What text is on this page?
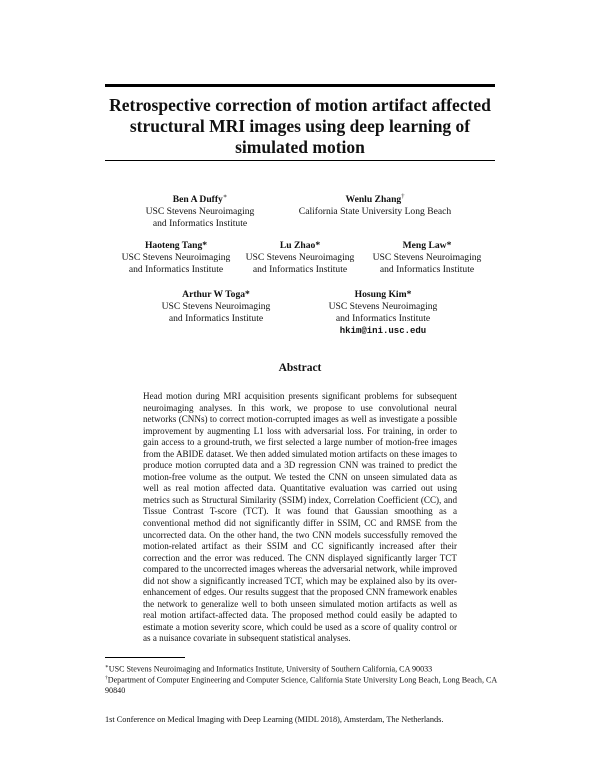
Retrospective correction of motion artifact affected structural MRI images using deep learning of simulated motion
Ben A Duffy∗
USC Stevens Neuroimaging
and Informatics Institute
Wenlu Zhang†
California State University Long Beach
Haoteng Tang*
USC Stevens Neuroimaging
and Informatics Institute
Lu Zhao*
USC Stevens Neuroimaging
and Informatics Institute
Meng Law*
USC Stevens Neuroimaging
and Informatics Institute
Arthur W Toga*
USC Stevens Neuroimaging
and Informatics Institute
Hosung Kim*
USC Stevens Neuroimaging
and Informatics Institute
hkim@ini.usc.edu
Abstract

Head motion during MRI acquisition presents significant problems for subsequent neuroimaging analyses. In this work, we propose to use convolutional neural networks (CNNs) to correct motion-corrupted images as well as investigate a possible improvement by augmenting L1 loss with adversarial loss. For training, in order to gain access to a ground-truth, we first selected a large number of motion-free images from the ABIDE dataset. We then added simulated motion artifacts on these images to produce motion corrupted data and a 3D regression CNN was trained to predict the motion-free volume as the output. We tested the CNN on unseen simulated data as well as real motion affected data. Quantitative evaluation was carried out using metrics such as Structural Similarity (SSIM) index, Correlation Coefficient (CC), and Tissue Contrast T-score (TCT). It was found that Gaussian smoothing as a conventional method did not significantly differ in SSIM, CC and RMSE from the uncorrected data. On the other hand, the two CNN models successfully removed the motion-related artifact as their SSIM and CC significantly increased after their correction and the error was reduced. The CNN displayed significantly larger TCT compared to the uncorrected images whereas the adversarial network, while improved did not show a significantly increased TCT, which may be explained also by its over-enhancement of edges. Our results suggest that the proposed CNN framework enables the network to generalize well to both unseen simulated motion artifacts as well as real motion artifact-affected data. The proposed method could easily be adapted to estimate a motion severity score, which could be used as a score of quality control or as a nuisance covariate in subsequent statistical analyses.

∗USC Stevens Neuroimaging and Informatics Institute, University of Southern California, CA 90033

†Department of Computer Engineering and Computer Science, California State University Long Beach, Long Beach, CA 90840

1st Conference on Medical Imaging with Deep Learning (MIDL 2018), Amsterdam, The Netherlands.
